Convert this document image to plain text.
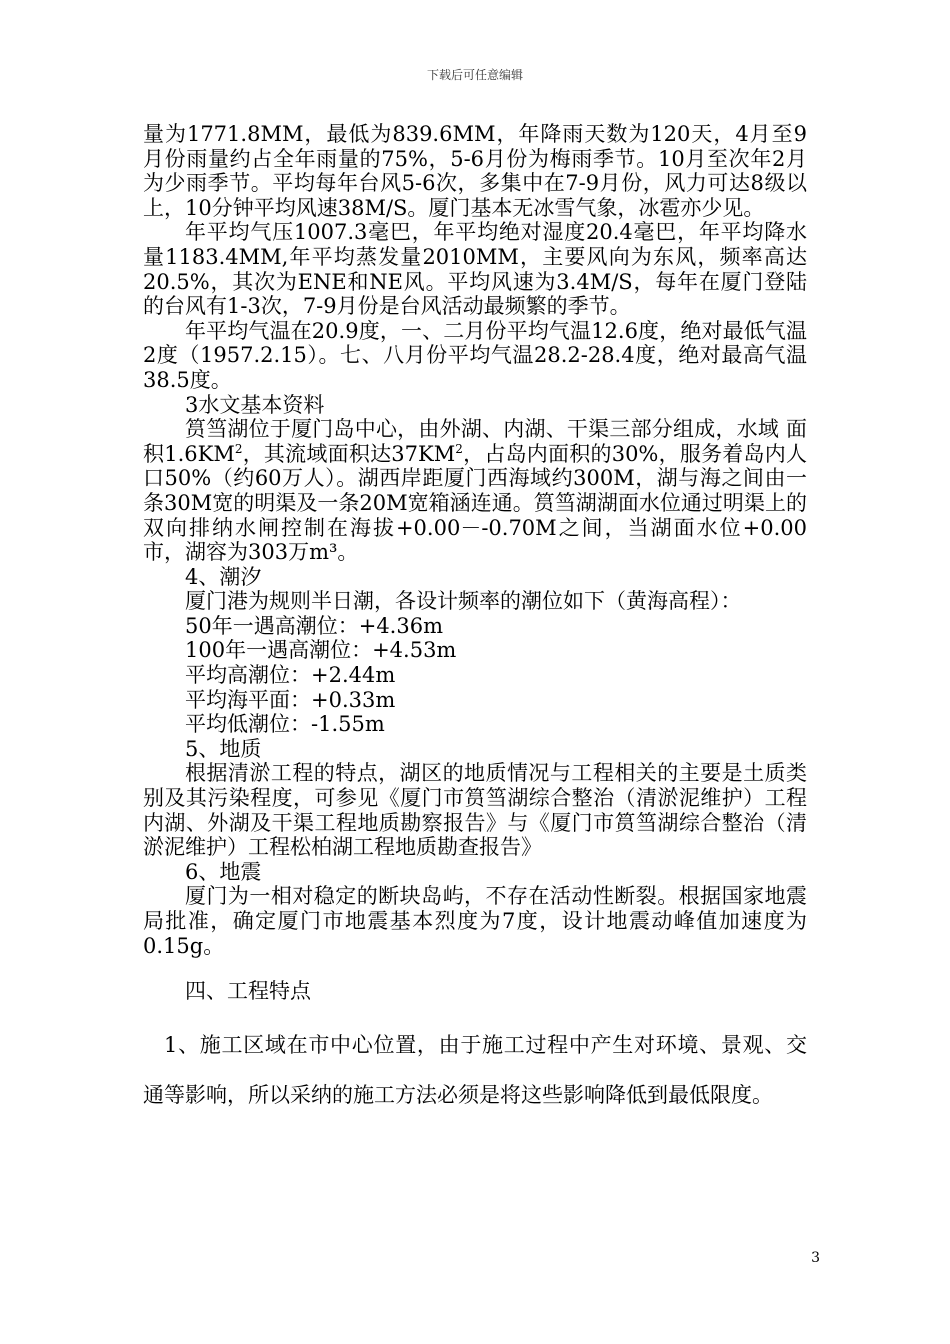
下载后可任意编辑

量为1771.8MM，最低为839.6MM，年降雨天数为120天，4月至9月份雨量约占全年雨量的75%，5-6月份为梅雨季节。10月至次年2月为少雨季节。平均每年台风5-6次，多集中在7-9月份，风力可达8级以上，10分钟平均风速38M/S。厦门基本无冰雪气象，冰雹亦少见。

年平均气压1007.3毫巴，年平均绝对湿度20.4毫巴，年平均降水量1183.4MM,年平均蒸发量2010MM，主要风向为东风，频率高达20.5%，其次为ENE和NE风。平均风速为3.4M/S，每年在厦门登陆的台风有1-3次，7-9月份是台风活动最频繁的季节。

年平均气温在20.9度，一、二月份平均气温12.6度，绝对最低气温2度（1957.2.15）。七、八月份平均气温28.2-28.4度，绝对最高气温38.5度。

3水文基本资料

筼筜湖位于厦门岛中心，由外湖、内湖、干渠三部分组成，水域 面积$1.6KM^2$，其流域面积达$37KM^2$，占岛内面积的30%，服务着岛内人口50%（约60万人）。湖西岸距厦门西海域约300M，湖与海之间由一条30M宽的明渠及一条20M宽箱涵连通。筼筜湖湖面水位通过明渠上的双向排纳水闸控制在海拔+0.00－-0.70M之间，当湖面水位+0.00市，湖容为303万m³。

4、潮汐
厦门港为规则半日潮，各设计频率的潮位如下（黄海高程）：
50年一遇高潮位：+4.36m
100年一遇高潮位：+4.53m
平均高潮位：+2.44m
平均海平面：+0.33m
平均低潮位：-1.55m
5、地质

根据清淤工程的特点，湖区的地质情况与工程相关的主要是土质类别及其污染程度，可参见《厦门市筼筜湖综合整治（清淤泥维护）工程内湖、外湖及干渠工程地质勘察报告》与《厦门市筼筜湖综合整治（清淤泥维护）工程松柏湖工程地质勘查报告》

6、地震

厦门为一相对稳定的断块岛屿，不存在活动性断裂。根据国家地震局批准，确定厦门市地震基本烈度为7度，设计地震动峰值加速度为0.15g。

四、工程特点

1、施工区域在市中心位置，由于施工过程中产生对环境、景观、交通等影响，所以采纳的施工方法必须是将这些影响降低到最低限度。

3
